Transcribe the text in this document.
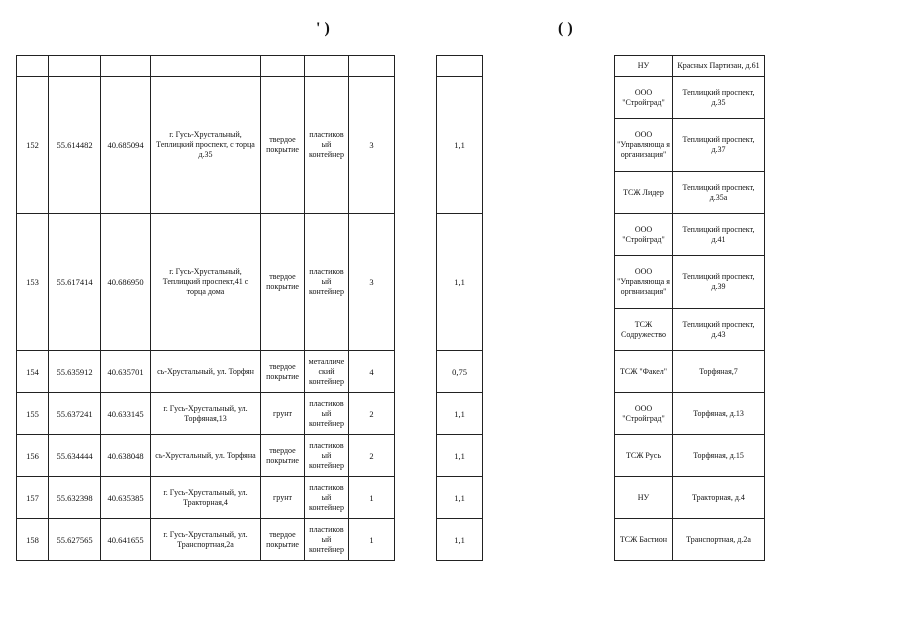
' )	( )

152	55.614482	40.685094	г. Гусь-Хрустальный, Теплицкий проспект, с торца д.35	твердое покрытие	пластиков ый контейнер	3
153	55.617414	40.686950	г. Гусь-Хрустальный, Теплицкий проспект,41 с торца дома	твердое покрытие	пластиков ый контейнер	3
154	55.635912	40.635701	сь-Хрустальный, ул. Торфян	твердое покрытие	металличе ский контейнер	4
155	55.637241	40.633145	г. Гусь-Хрустальный, ул. Торфяная,13	грунт	пластиков ый контейнер	2
156	55.634444	40.638048	сь-Хрустальный, ул. Торфяна	твердое покрытие	пластиков ый контейнер	2
157	55.632398	40.635385	г. Гусь-Хрустальный, ул. Тракторная,4	грунт	пластиков ый контейнер	1
158	55.627565	40.641655	г. Гусь-Хрустальный, ул. Транспортная,2а	твердое покрытие	пластиков ый контейнер	1

1,1
1,1
0,75
1,1
1,1
1,1
1,1
НУ	Красных Партизан, д.61
ООО "Стройград"	Теплицкий проспект, д.35
ООО "Управляюща я организация"	Теплицкий проспект, д.37
ТСЖ Лидер	Теплицкий проспект, д.35а
ООО "Стройград"	Теплицкий проспект, д.41
ООО "Управляюща я оргвнизация"	Теплицкий проспект, д.39
ТСЖ Содружество	Теплицкий проспект, д.43
ТСЖ "Факел"	Торфяная,7
ООО "Стройград"	Торфяная, д.13
ТСЖ Русь	Торфяная, д.15
НУ	Тракторная, д.4
ТСЖ Бастион	Транспортная, д.2а
